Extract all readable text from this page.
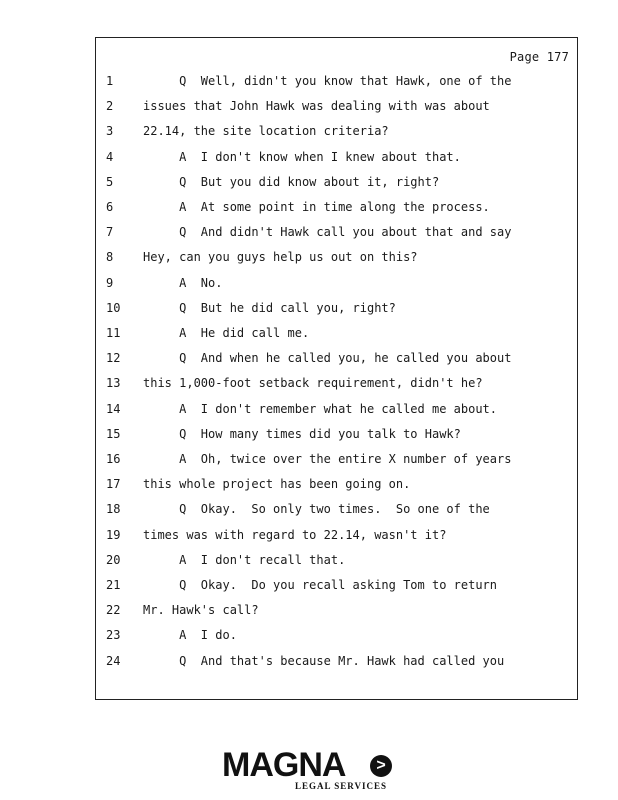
Page 177
1	Q  Well, didn't you know that Hawk, one of the
2	issues that John Hawk was dealing with was about
3	22.14, the site location criteria?
4	A  I don't know when I knew about that.
5	Q  But you did know about it, right?
6	A  At some point in time along the process.
7	Q  And didn't Hawk call you about that and say
8	Hey, can you guys help us out on this?
9	A  No.
10 Q  But he did call you, right?
11 A  He did call me.
12 Q  And when he called you, he called you about
13 this 1,000-foot setback requirement, didn't he?
14 A  I don't remember what he called me about.
15 Q  How many times did you talk to Hawk?
16 A  Oh, twice over the entire X number of years
17 this whole project has been going on.
18 Q  Okay.  So only two times.  So one of the
19 times was with regard to 22.14, wasn't it?
20 A  I don't recall that.
21 Q  Okay.  Do you recall asking Tom to return
22 Mr. Hawk's call?
23 A  I do.
24 Q  And that's because Mr. Hawk had called you
MAGNA	>
LEGAL SERVICES
